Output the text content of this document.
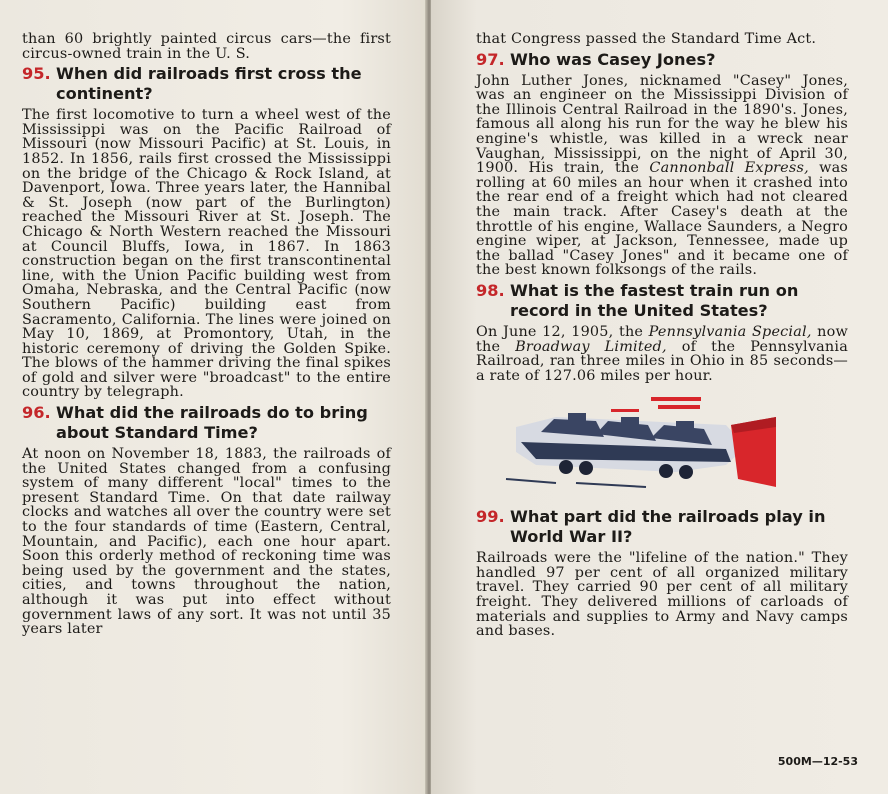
than 60 brightly painted circus cars—the first circus-owned train in the U. S.

95. When did railroads first cross the continent?

The first locomotive to turn a wheel west of the Mississippi was on the Pacific Railroad of Missouri (now Missouri Pacific) at St. Louis, in 1852. In 1856, rails first crossed the Mississippi on the bridge of the Chicago & Rock Island, at Davenport, Iowa. Three years later, the Hannibal & St. Joseph (now part of the Burlington) reached the Missouri River at St. Joseph. The Chicago & North Western reached the Missouri at Council Bluffs, Iowa, in 1867. In 1863 construction began on the first transcontinental line, with the Union Pacific building west from Omaha, Nebraska, and the Central Pacific (now Southern Pacific) building east from Sacramento, California. The lines were joined on May 10, 1869, at Promontory, Utah, in the historic ceremony of driving the Golden Spike. The blows of the hammer driving the final spikes of gold and silver were "broadcast" to the entire country by telegraph.

96. What did the railroads do to bring about Standard Time?

At noon on November 18, 1883, the railroads of the United States changed from a confusing system of many different "local" times to the present Standard Time. On that date railway clocks and watches all over the country were set to the four standards of time (Eastern, Central, Mountain, and Pacific), each one hour apart. Soon this orderly method of reckoning time was being used by the government and the states, cities, and towns throughout the nation, although it was put into effect without government laws of any sort. It was not until 35 years later

that Congress passed the Standard Time Act.

97. Who was Casey Jones?

John Luther Jones, nicknamed "Casey" Jones, was an engineer on the Mississippi Division of the Illinois Central Railroad in the 1890's. Jones, famous all along his run for the way he blew his engine's whistle, was killed in a wreck near Vaughan, Mississippi, on the night of April 30, 1900. His train, the Cannonball Express, was rolling at 60 miles an hour when it crashed into the rear end of a freight which had not cleared the main track. After Casey's death at the throttle of his engine, Wallace Saunders, a Negro engine wiper, at Jackson, Tennessee, made up the ballad "Casey Jones" and it became one of the best known folksongs of the rails.

98. What is the fastest train run on record in the United States?

On June 12, 1905, the Pennsylvania Special, now the Broadway Limited, of the Pennsylvania Railroad, ran three miles in Ohio in 85 seconds—a rate of 127.06 miles per hour.

99. What part did the railroads play in World War II?

Railroads were the "lifeline of the nation." They handled 97 per cent of all organized military travel. They carried 90 per cent of all military freight. They delivered millions of carloads of materials and supplies to Army and Navy camps and bases.

500M—12-53
